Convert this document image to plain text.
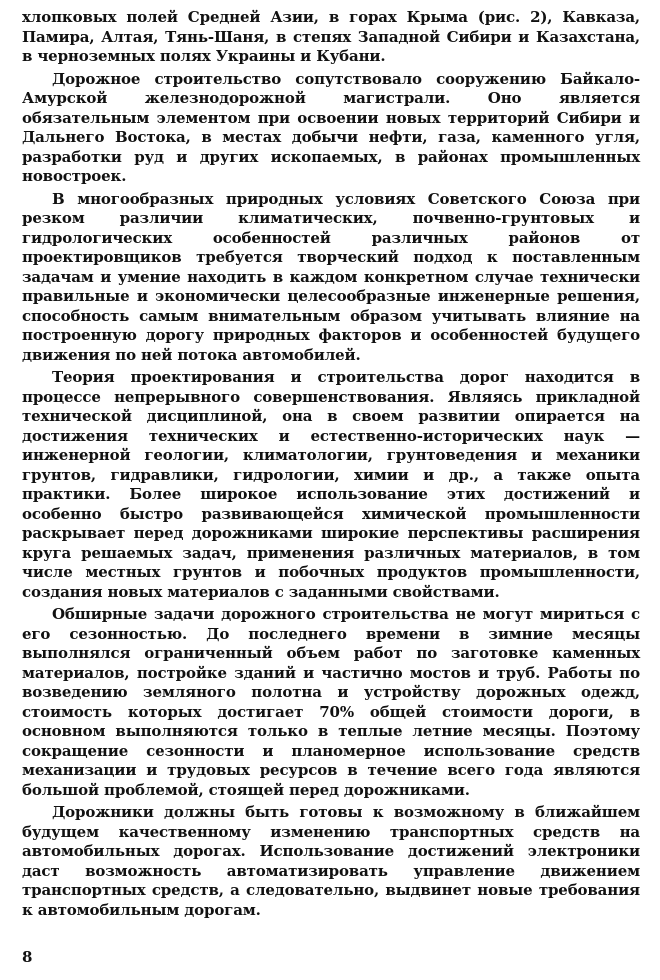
хлопковых полей Средней Азии, в горах Крыма (рис. 2), Кавказа, Памира, Алтая, Тянь-Шаня, в степях Западной Сибири и Казахстана, в черноземных полях Украины и Кубани.

Дорожное строительство сопутствовало сооружению Байкало-Амурской железнодорожной магистрали. Оно является обязательным элементом при освоении новых территорий Сибири и Дальнего Востока, в местах добычи нефти, газа, каменного угля, разработки руд и других ископаемых, в районах промышленных новостроек.

В многообразных природных условиях Советского Союза при резком различии климатических, почвенно-грунтовых и гидрологических особенностей различных районов от проектировщиков требуется творческий подход к поставленным задачам и умение находить в каждом конкретном случае технически правильные и экономически целесообразные инженерные решения, способность самым внимательным образом учитывать влияние на построенную дорогу природных факторов и особенностей будущего движения по ней потока автомобилей.

Теория проектирования и строительства дорог находится в процессе непрерывного совершенствования. Являясь прикладной технической дисциплиной, она в своем развитии опирается на достижения технических и естественно-исторических наук — инженерной геологии, климатологии, грунтоведения и механики грунтов, гидравлики, гидрологии, химии и др., а также опыта практики. Более широкое использование этих достижений и особенно быстро развивающейся химической промышленности раскрывает перед дорожниками широкие перспективы расширения круга решаемых задач, применения различных материалов, в том числе местных грунтов и побочных продуктов промышленности, создания новых материалов с заданными свойствами.

Обширные задачи дорожного строительства не могут мириться с его сезонностью. До последнего времени в зимние месяцы выполнялся ограниченный объем работ по заготовке каменных материалов, постройке зданий и частично мостов и труб. Работы по возведению земляного полотна и устройству дорожных одежд, стоимость которых достигает 70% общей стоимости дороги, в основном выполняются только в теплые летние месяцы. Поэтому сокращение сезонности и планомерное использование средств механизации и трудовых ресурсов в течение всего года являются большой проблемой, стоящей перед дорожниками.

Дорожники должны быть готовы к возможному в ближайшем будущем качественному изменению транспортных средств на автомобильных дорогах. Использование достижений электроники даст возможность автоматизировать управление движением транспортных средств, а следовательно, выдвинет новые требования к автомобильным дорогам.

8
